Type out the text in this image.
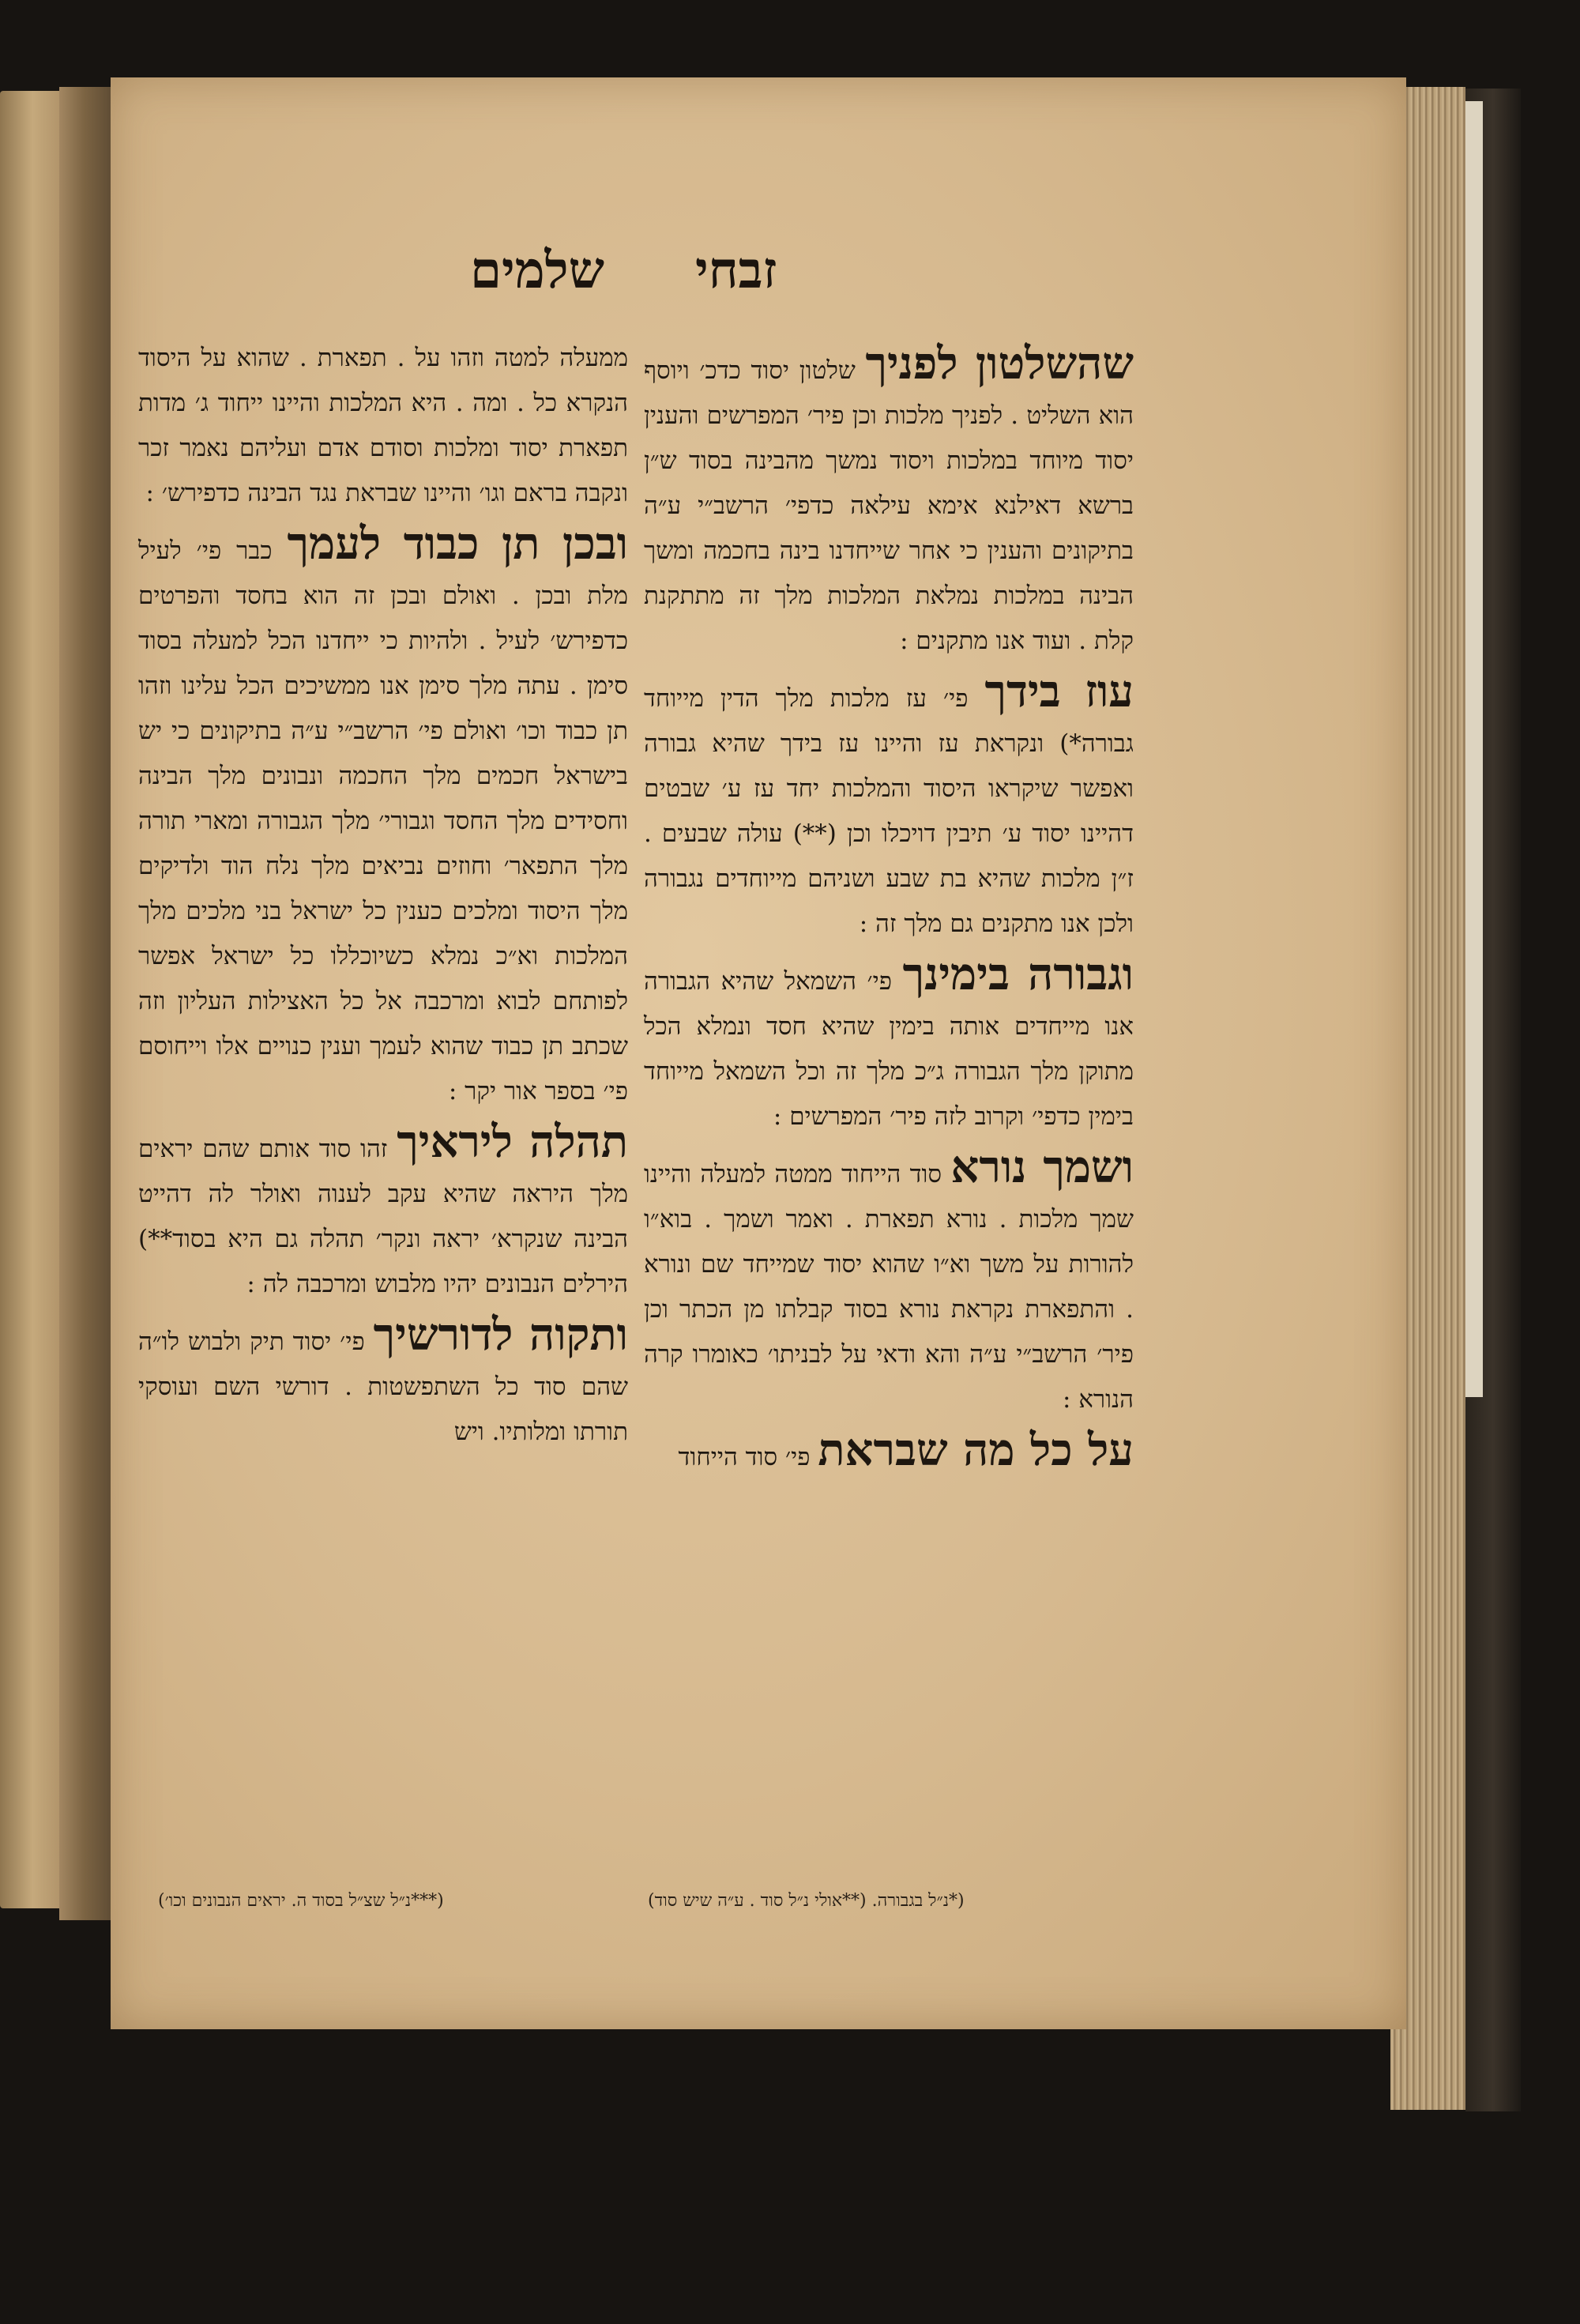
זבחי
שלמים

שהשלטון לפניך שלטון יסוד כדכ׳ ויוסף הוא השליט . לפניך מלכות וכן פיר׳ המפרשים והענין יסוד מיוחד במלכות ויסוד נמשך מהבינה בסוד ש״ן ברשא דאילנא אימא עילאה כדפי׳ הרשב״י ע״ה בתיקונים והענין כי אחר שייחדנו בינה בחכמה ומשך הבינה במלכות נמלאת המלכות מלך זה מתתקנת קלת . ועוד אנו מתקנים :

עוז בידך פי׳ עז מלכות מלך הדין מייוחד גבורה*) ונקראת עז והיינו עז בידך שהיא גבורה ואפשר שיקראו היסוד והמלכות יחד עז ע׳ שבטים דהיינו יסוד ע׳ תיבין דויכלו וכן (**) עולה שבעים . ז״ן מלכות שהיא בת שבע ושניהם מייוחדים נגבורה ולכן אנו מתקנים גם מלך זה :

וגבורה בימינך פי׳ השמאל שהיא הגבורה אנו מייחדים אותה בימין שהיא חסד ונמלא הכל מתוקן מלך הגבורה ג״כ מלך זה וכל השמאל מייוחד בימין כדפי׳ וקרוב לזה פיר׳ המפרשים :

ושמך נורא סוד הייחוד ממטה למעלה והיינו שמך מלכות . נורא תפארת . ואמר ושמך . בוא״ו להורות על משך וא״ו שהוא יסוד שמייחד שם ונורא . והתפארת נקראת נורא בסוד קבלתו מן הכתר וכן פיר׳ הרשב״י ע״ה והא ודאי על לבניתו׳ כאומרו קרה הנורא :

על כל מה שבראת פי׳ סוד הייחוד

ממעלה למטה וזהו על . תפארת . שהוא על היסוד הנקרא כל . ומה . היא המלכות והיינו ייחוד ג׳ מדות תפארת יסוד ומלכות וסודם אדם ועליהם נאמר זכר ונקבה בראם וגו׳ והיינו שבראת נגד הבינה כדפירש׳ :

ובכן תן כבוד לעמך כבר פי׳ לעיל מלת ובכן . ואולם ובכן זה הוא בחסד והפרטים כדפירש׳ לעיל . ולהיות כי ייחדנו הכל למעלה בסוד סימן . עתה מלך סימן אנו ממשיכים הכל עלינו וזהו תן כבוד וכו׳ ואולם פי׳ הרשב״י ע״ה בתיקונים כי יש בישראל חכמים מלך החכמה ונבונים מלך הבינה וחסידים מלך החסד וגבורי׳ מלך הגבורה ומארי תורה מלך התפאר׳ וחוזים נביאים מלך נלח הוד ולדיקים מלך היסוד ומלכים כענין כל ישראל בני מלכים מלך המלכות וא״כ נמלא כשיוכללו כל ישראל אפשר לפותחם לבוא ומרכבה אל כל האצילות העליון וזה שכתב תן כבוד שהוא לעמך וענין כנויים אלו וייחוסם פי׳ בספר אור יקר :

תהלה ליראיך זהו סוד אותם שהם יראים מלך היראה שהיא עקב לענוה ואולר לה דהייט הבינה שנקרא׳ יראה ונקר׳ תהלה גם היא בסוד**) הירלים הנבונים יהיו מלבוש ומרכבה לה :

ותקוה לדורשיך פי׳ יסוד תיק ולבוש לו״ה שהם סוד כל השתפשטות . דורשי השם ועוסקי תורתו ומלותיו. ויש

(*נ״ל בגבורה. (**אולי נ״ל סוד . ע״ה שיש סוד)
(***נ״ל שצ״ל בסוד ה. יראים הנבונים וכו׳)
